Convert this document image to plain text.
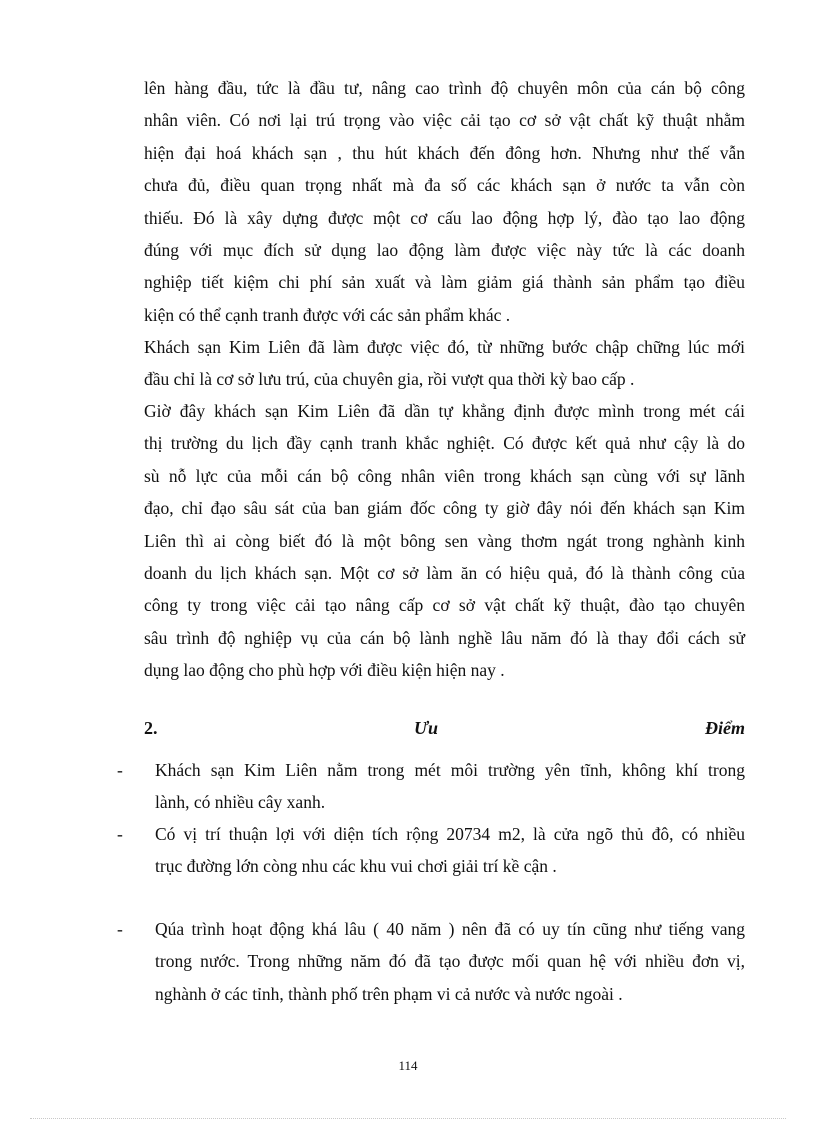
lên hàng đầu, tức là đầu tư, nâng cao trình độ chuyên môn của cán bộ công
nhân viên. Có nơi lại trú trọng vào việc cải tạo cơ sở vật chất kỹ thuật nhằm
hiện đại hoá khách sạn , thu hút khách đến đông hơn. Nhưng như thế vẫn
chưa đủ, điều quan trọng nhất mà đa số các khách sạn ở nước ta vẫn còn
thiếu. Đó là xây dựng được một cơ cấu lao động hợp lý, đào tạo lao động
đúng với mục đích sử dụng lao động làm được việc này tức là các doanh
nghiệp tiết kiệm chi phí sản xuất và làm giảm giá thành sản phẩm tạo điều
kiện có thể cạnh tranh được với các sản phẩm khác .
Khách sạn Kim Liên đã làm được việc đó, từ những bước chập chững lúc mới
đầu chỉ là cơ sở lưu trú, của chuyên gia, rồi vượt qua thời kỳ bao cấp .
Giờ đây khách sạn Kim Liên đã dần tự khẳng định được mình trong mét cái
thị trường du lịch đầy cạnh tranh khắc nghiệt. Có được kết quả như cậy là do
sù nỗ lực của mỗi cán bộ công nhân viên trong khách sạn cùng với sự lãnh
đạo, chỉ đạo sâu sát của ban giám đốc công ty giờ đây nói đến khách sạn Kim
Liên thì ai còng biết đó là một bông sen vàng thơm ngát trong nghành kinh
doanh du lịch khách sạn. Một cơ sở làm ăn có hiệu quả, đó là thành công của
công ty trong việc cải tạo nâng cấp cơ sở vật chất kỹ thuật, đào tạo chuyên
sâu trình độ nghiệp vụ của cán bộ lành nghề lâu năm đó là thay đổi cách sử
dụng lao động cho phù hợp với điều kiện hiện nay .
2.	Ưu	Điểm
- Khách sạn Kim Liên nằm trong mét môi trường yên tĩnh, không khí trong
lành, có nhiều cây xanh.
- Có vị trí thuận lợi với diện tích rộng 20734 m2, là cửa ngõ thủ đô, có nhiều
trục đường lớn còng nhu các khu vui chơi giải trí kề cận .
- Qúa trình hoạt động khá lâu ( 40 năm ) nên đã có uy tín cũng như tiếng vang
trong nước. Trong những năm đó đã tạo được mối quan hệ với nhiều đơn vị,
nghành ở các tỉnh, thành phố trên phạm vi cả nước và nước ngoài .
114
